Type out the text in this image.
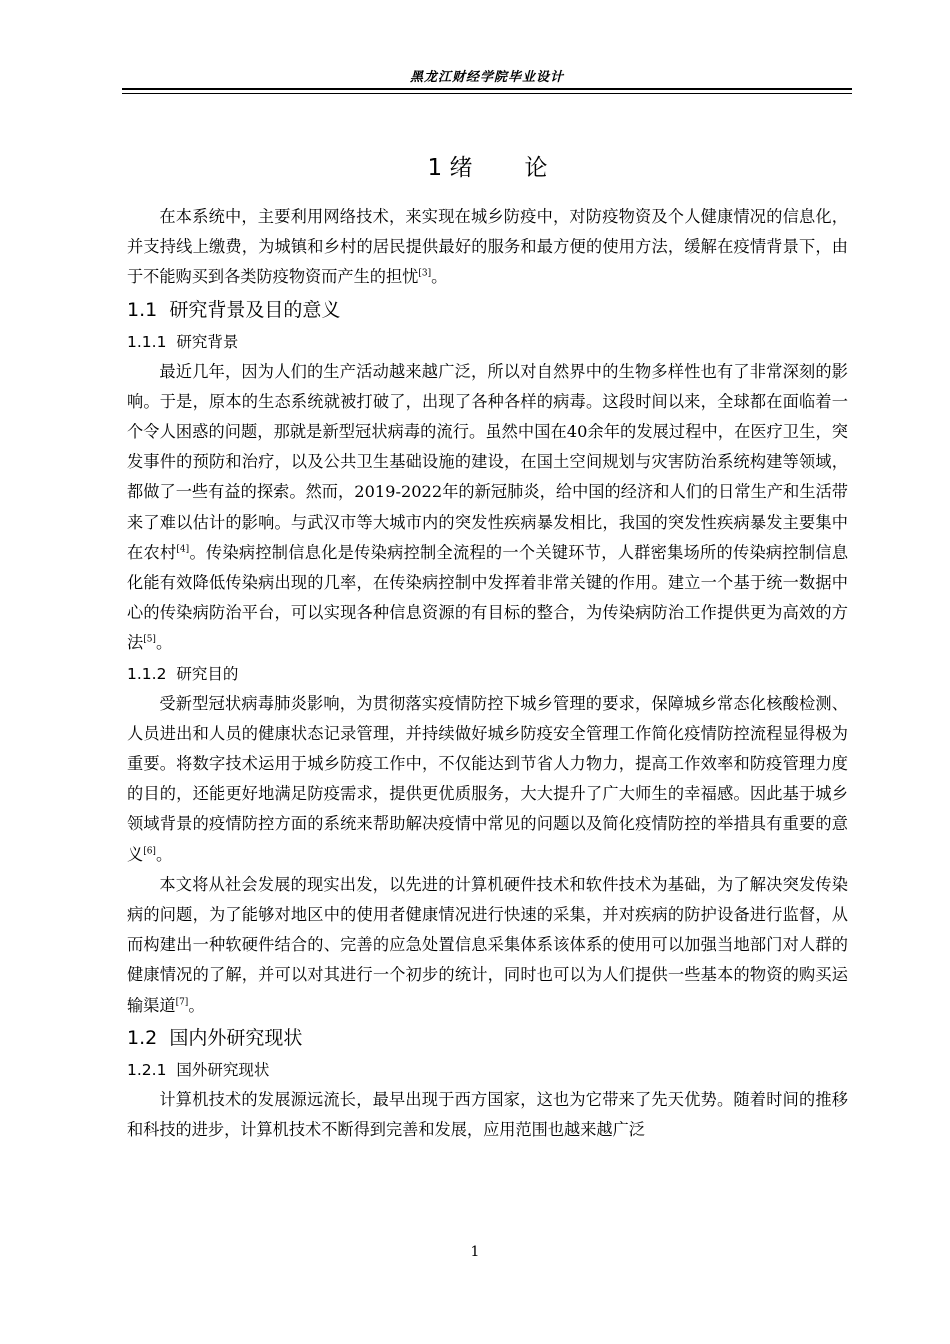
黑龙江财经学院毕业设计
1 绪 论

在本系统中，主要利用网络技术，来实现在城乡防疫中，对防疫物资及个人健康情况的信息化，并支持线上缴费，为城镇和乡村的居民提供最好的服务和最方便的使用方法，缓解在疫情背景下，由于不能购买到各类防疫物资而产生的担忧[3]。

1.1 研究背景及目的意义
1.1.1 研究背景

最近几年，因为人们的生产活动越来越广泛，所以对自然界中的生物多样性也有了非常深刻的影响。于是，原本的生态系统就被打破了，出现了各种各样的病毒。这段时间以来，全球都在面临着一个令人困惑的问题，那就是新型冠状病毒的流行。虽然中国在40余年的发展过程中，在医疗卫生，突发事件的预防和治疗，以及公共卫生基础设施的建设，在国土空间规划与灾害防治系统构建等领域，都做了一些有益的探索。然而，2019-2022年的新冠肺炎，给中国的经济和人们的日常生产和生活带来了难以估计的影响。与武汉市等大城市内的突发性疾病暴发相比，我国的突发性疾病暴发主要集中在农村[4]。传染病控制信息化是传染病控制全流程的一个关键环节，人群密集场所的传染病控制信息化能有效降低传染病出现的几率，在传染病控制中发挥着非常关键的作用。建立一个基于统一数据中心的传染病防治平台，可以实现各种信息资源的有目标的整合，为传染病防治工作提供更为高效的方法[5]。

1.1.2 研究目的

受新型冠状病毒肺炎影响，为贯彻落实疫情防控下城乡管理的要求，保障城乡常态化核酸检测、人员进出和人员的健康状态记录管理，并持续做好城乡防疫安全管理工作简化疫情防控流程显得极为重要。将数字技术运用于城乡防疫工作中，不仅能达到节省人力物力，提高工作效率和防疫管理力度的目的，还能更好地满足防疫需求，提供更优质服务，大大提升了广大师生的幸福感。因此基于城乡领域背景的疫情防控方面的系统来帮助解决疫情中常见的问题以及简化疫情防控的举措具有重要的意义[6]。

本文将从社会发展的现实出发，以先进的计算机硬件技术和软件技术为基础，为了解决突发传染病的问题，为了能够对地区中的使用者健康情况进行快速的采集，并对疾病的防护设备进行监督，从而构建出一种软硬件结合的、完善的应急处置信息采集体系该体系的使用可以加强当地部门对人群的健康情况的了解，并可以对其进行一个初步的统计，同时也可以为人们提供一些基本的物资的购买运输渠道[7]。

1.2 国内外研究现状
1.2.1 国外研究现状

计算机技术的发展源远流长，最早出现于西方国家，这也为它带来了先天优势。随着时间的推移和科技的进步，计算机技术不断得到完善和发展，应用范围也越来越广泛

1
